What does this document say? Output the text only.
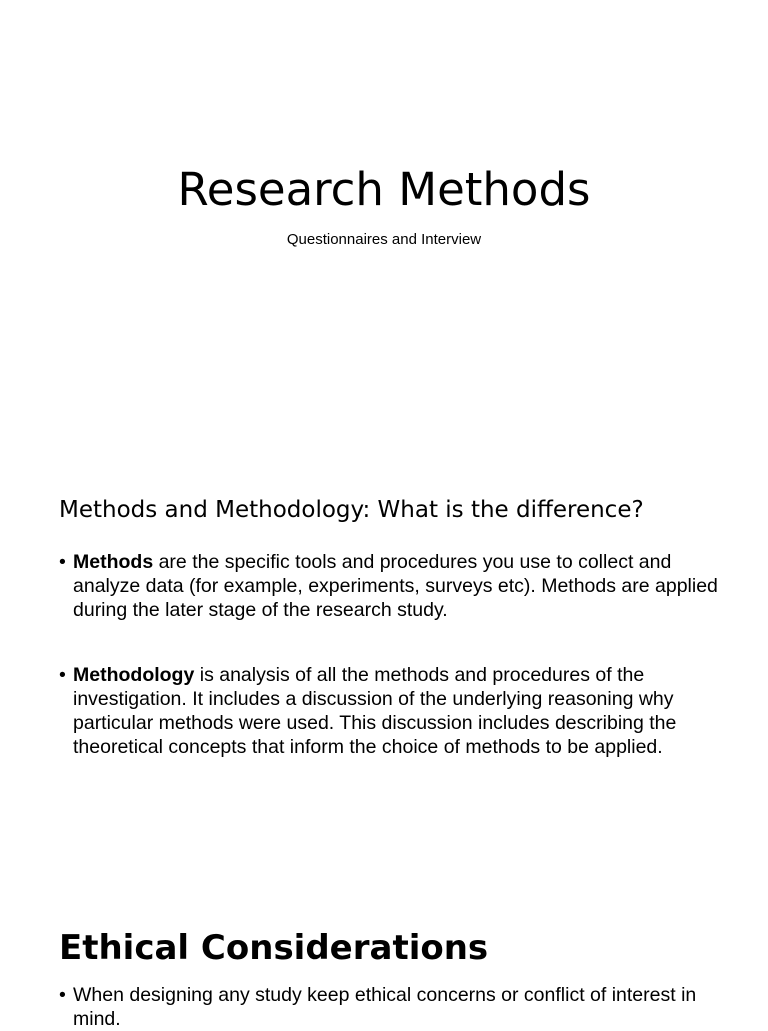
Research Methods

Questionnaires and Interview

Methods and Methodology: What is the difference?

• Methods are the specific tools and procedures you use to collect and analyze data (for example, experiments, surveys etc). Methods are applied during the later stage of the research study.

• Methodology is analysis of all the methods and procedures of the investigation. It includes a discussion of the underlying reasoning why particular methods were used. This discussion includes describing the theoretical concepts that inform the choice of methods to be applied.

Ethical Considerations

• When designing any study keep ethical concerns or conflict of interest in mind.
